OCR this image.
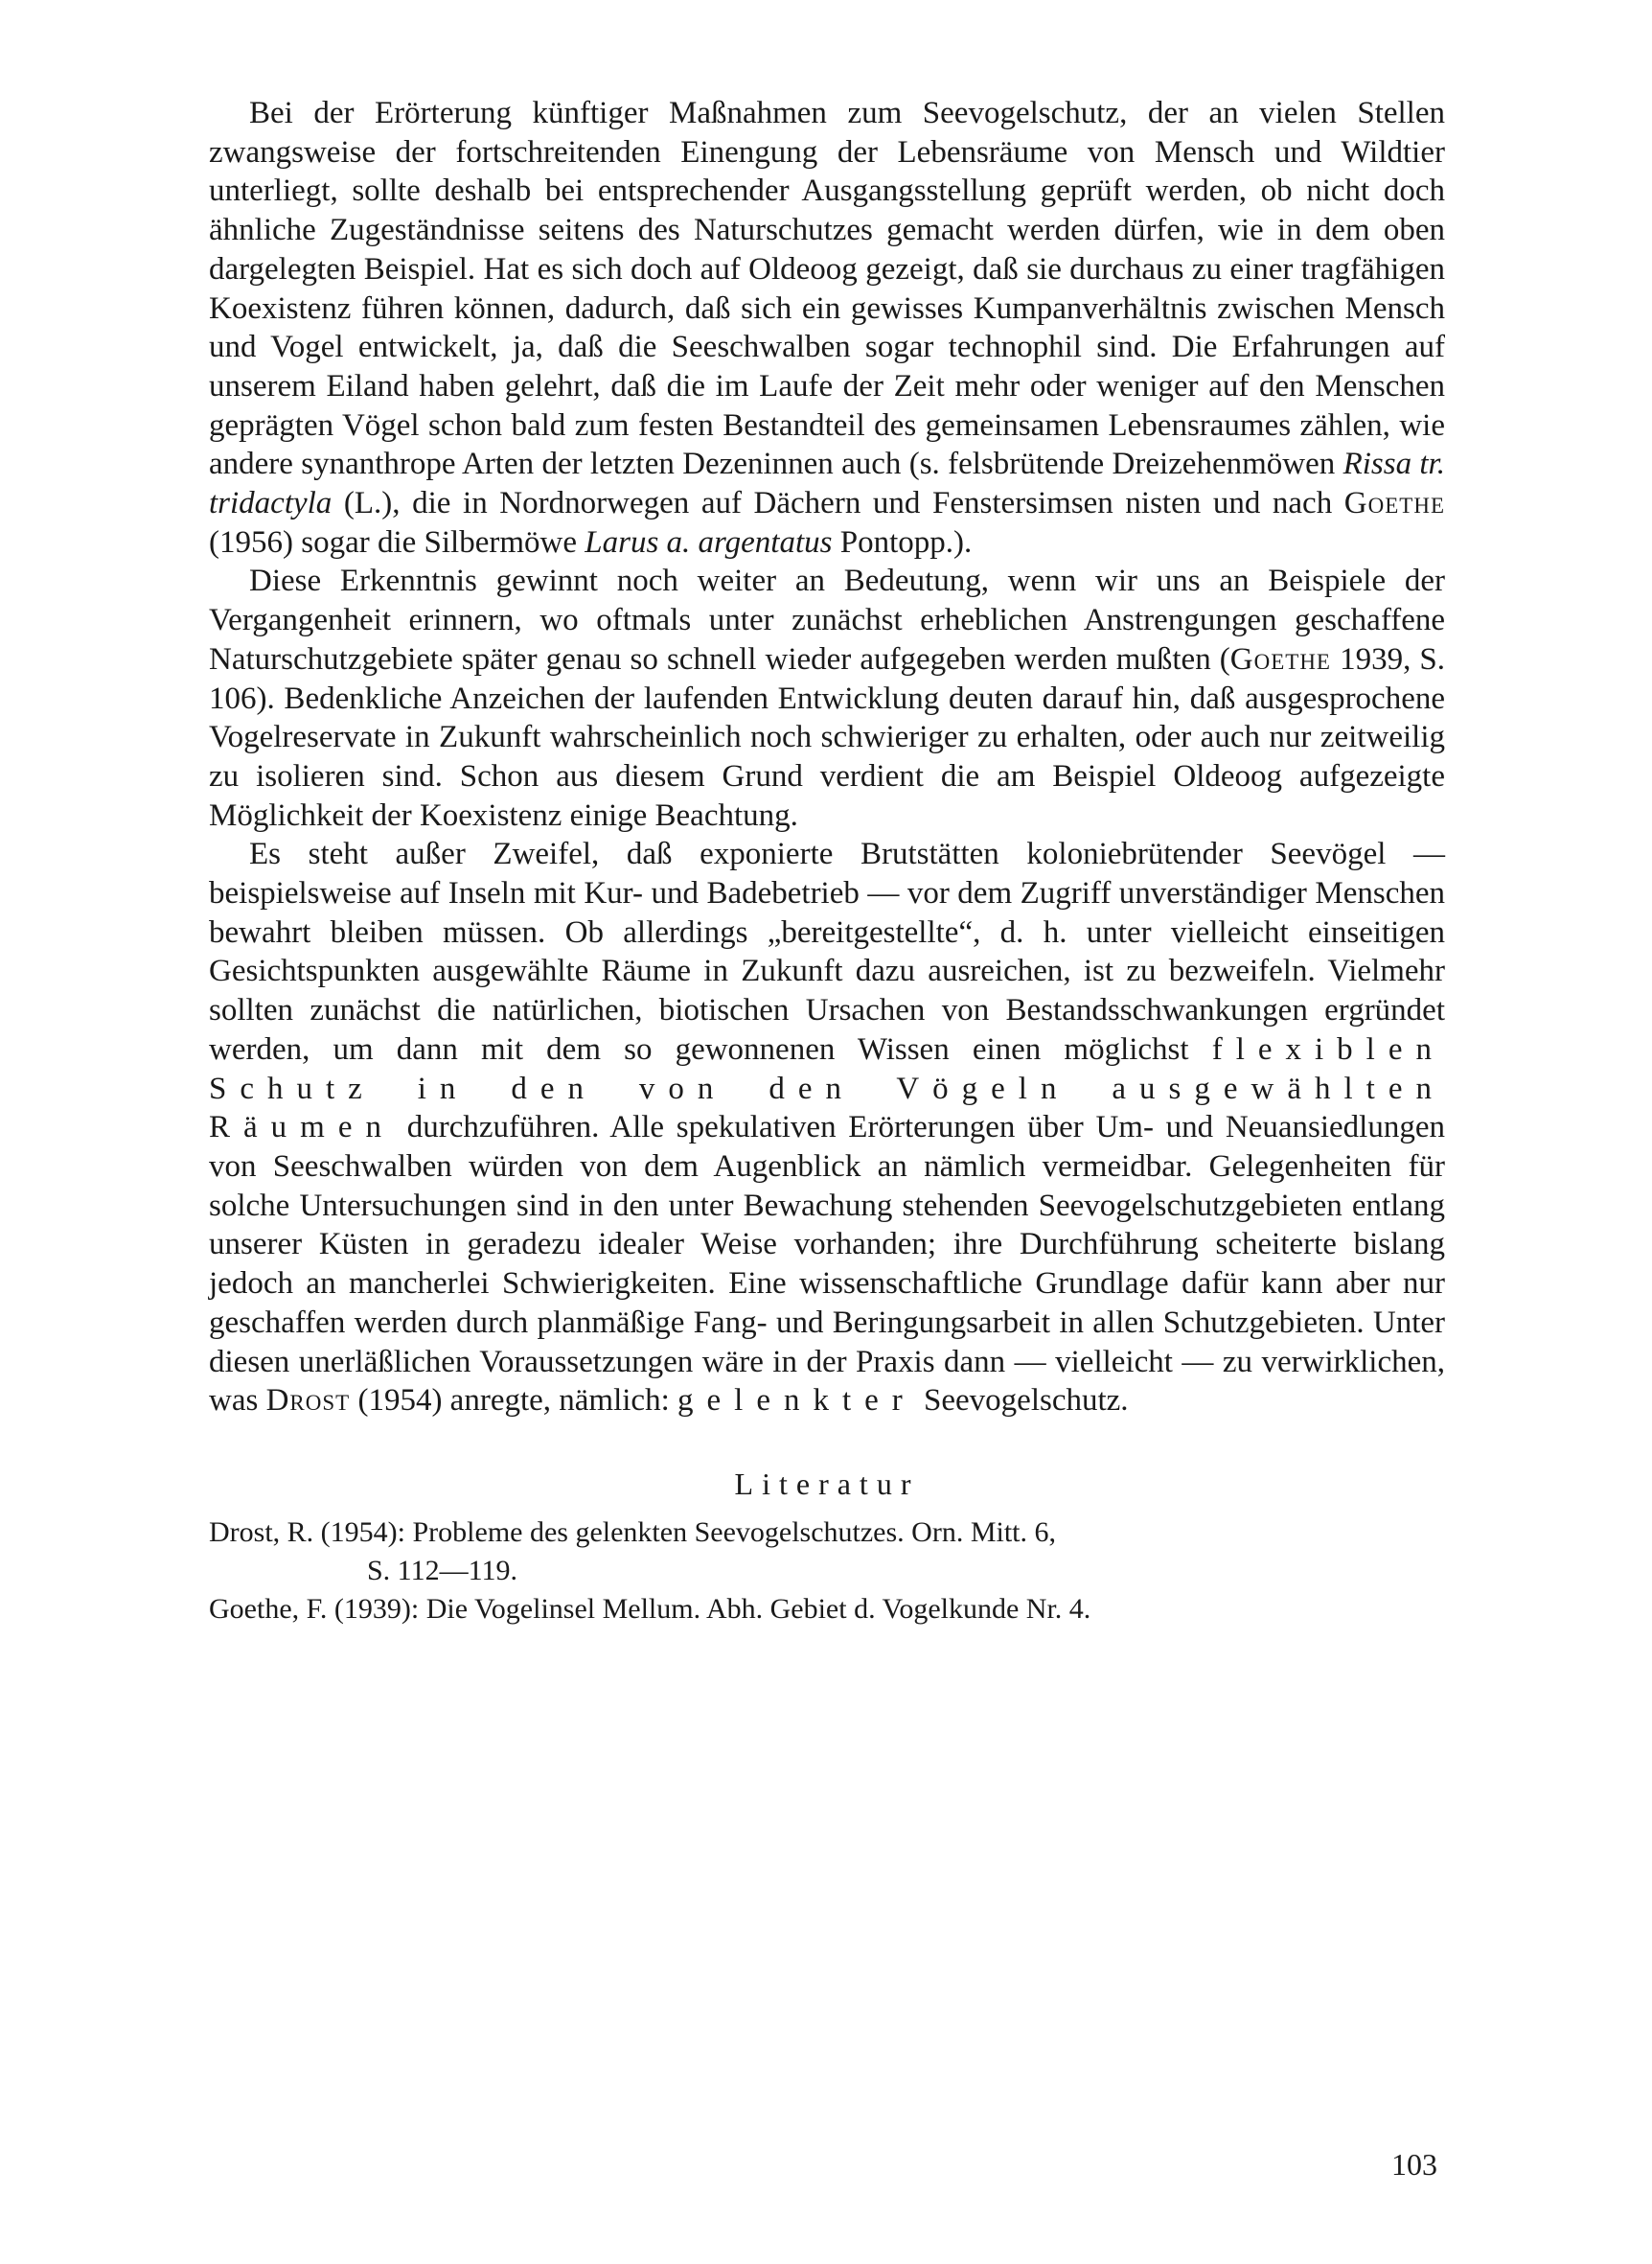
Bei der Erörterung künftiger Maßnahmen zum Seevogelschutz, der an vielen Stellen zwangsweise der fortschreitenden Einengung der Lebensräume von Mensch und Wildtier unterliegt, sollte deshalb bei entsprechender Ausgangsstellung geprüft werden, ob nicht doch ähnliche Zugeständnisse seitens des Naturschutzes gemacht werden dürfen, wie in dem oben dargelegten Beispiel. Hat es sich doch auf Oldeoog gezeigt, daß sie durchaus zu einer tragfähigen Koexistenz führen können, dadurch, daß sich ein gewisses Kumpanverhältnis zwischen Mensch und Vogel entwickelt, ja, daß die Seeschwalben sogar technophil sind. Die Erfahrungen auf unserem Eiland haben gelehrt, daß die im Laufe der Zeit mehr oder weniger auf den Menschen geprägten Vögel schon bald zum festen Bestandteil des gemeinsamen Lebensraumes zählen, wie andere synanthrope Arten der letzten Dezeninnen auch (s. felsbrütende Dreizehenmöwen Rissa tr. tridactyla (L.), die in Nordnorwegen auf Dächern und Fenstersimsen nisten und nach Goethe (1956) sogar die Silbermöwe Larus a. argentatus Pontopp.).

Diese Erkenntnis gewinnt noch weiter an Bedeutung, wenn wir uns an Beispiele der Vergangenheit erinnern, wo oftmals unter zunächst erheblichen Anstrengungen geschaffene Naturschutzgebiete später genau so schnell wieder aufgegeben werden mußten (Goethe 1939, S. 106). Bedenkliche Anzeichen der laufenden Entwicklung deuten darauf hin, daß ausgesprochene Vogelreservate in Zukunft wahrscheinlich noch schwieriger zu erhalten, oder auch nur zeitweilig zu isolieren sind. Schon aus diesem Grund verdient die am Beispiel Oldeoog aufgezeigte Möglichkeit der Koexistenz einige Beachtung.

Es steht außer Zweifel, daß exponierte Brutstätten koloniebrütender Seevögel — beispielsweise auf Inseln mit Kur- und Badebetrieb — vor dem Zugriff unverständiger Menschen bewahrt bleiben müssen. Ob allerdings „bereitgestellte“, d. h. unter vielleicht einseitigen Gesichtspunkten ausgewählte Räume in Zukunft dazu ausreichen, ist zu bezweifeln. Vielmehr sollten zunächst die natürlichen, biotischen Ursachen von Bestandsschwankungen ergründet werden, um dann mit dem so gewonnenen Wissen einen möglichst flexiblen Schutz in den von den Vögeln ausgewählten Räumen durchzuführen. Alle spekulativen Erörterungen über Um- und Neuansiedlungen von Seeschwalben würden von dem Augenblick an nämlich vermeidbar. Gelegenheiten für solche Untersuchungen sind in den unter Bewachung stehenden Seevogelschutzgebieten entlang unserer Küsten in geradezu idealer Weise vorhanden; ihre Durchführung scheiterte bislang jedoch an mancherlei Schwierigkeiten. Eine wissenschaftliche Grundlage dafür kann aber nur geschaffen werden durch planmäßige Fang- und Beringungsarbeit in allen Schutzgebieten. Unter diesen unerläßlichen Voraussetzungen wäre in der Praxis dann — vielleicht — zu verwirklichen, was Drost (1954) anregte, nämlich: gelenkter Seevogelschutz.

Literatur
Drost, R. (1954): Probleme des gelenkten Seevogelschutzes. Orn. Mitt. 6,
S. 112—119.
Goethe, F. (1939): Die Vogelinsel Mellum. Abh. Gebiet d. Vogelkunde Nr. 4.
103
